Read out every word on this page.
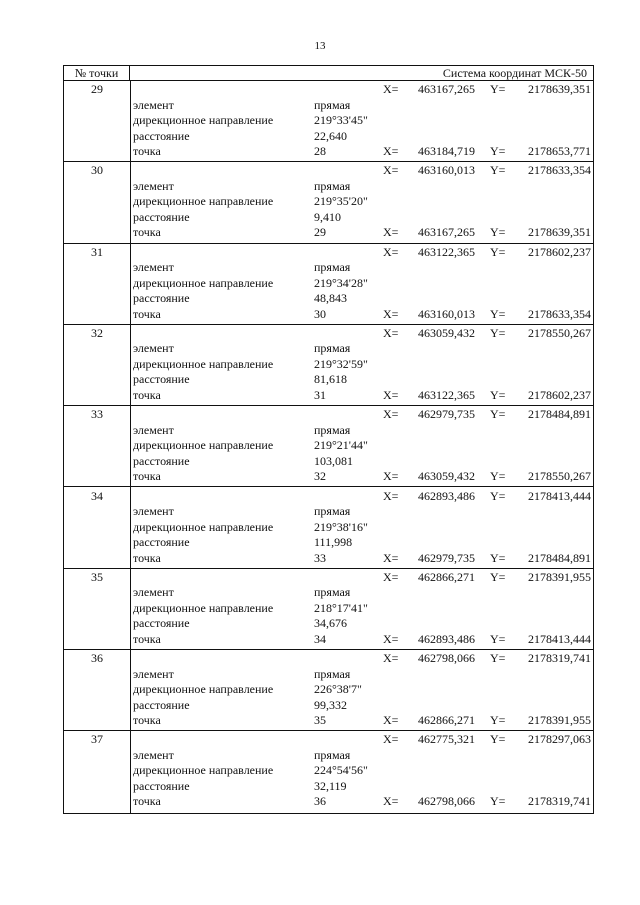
13
№ точки	Система координат МСК-50
29	X= 463167,265 Y= 2178639,351
элемент	прямая
дирекционное направление	219°33'45"
расстояние	22,640
точка	28	X= 463184,719 Y= 2178653,771
30	X= 463160,013 Y= 2178633,354
элемент	прямая
дирекционное направление	219°35'20"
расстояние	9,410
точка	29	X= 463167,265 Y= 2178639,351
31	X= 463122,365 Y= 2178602,237
элемент	прямая
дирекционное направление	219°34'28"
расстояние	48,843
точка	30	X= 463160,013 Y= 2178633,354
32	X= 463059,432 Y= 2178550,267
элемент	прямая
дирекционное направление	219°32'59"
расстояние	81,618
точка	31	X= 463122,365 Y= 2178602,237
33	X= 462979,735 Y= 2178484,891
элемент	прямая
дирекционное направление	219°21'44"
расстояние	103,081
точка	32	X= 463059,432 Y= 2178550,267
34	X= 462893,486 Y= 2178413,444
элемент	прямая
дирекционное направление	219°38'16"
расстояние	111,998
точка	33	X= 462979,735 Y= 2178484,891
35	X= 462866,271 Y= 2178391,955
элемент	прямая
дирекционное направление	218°17'41"
расстояние	34,676
точка	34	X= 462893,486 Y= 2178413,444
36	X= 462798,066 Y= 2178319,741
элемент	прямая
дирекционное направление	226°38'7"
расстояние	99,332
точка	35	X= 462866,271 Y= 2178391,955
37	X= 462775,321 Y= 2178297,063
элемент	прямая
дирекционное направление	224°54'56"
расстояние	32,119
точка	36	X= 462798,066 Y= 2178319,741
